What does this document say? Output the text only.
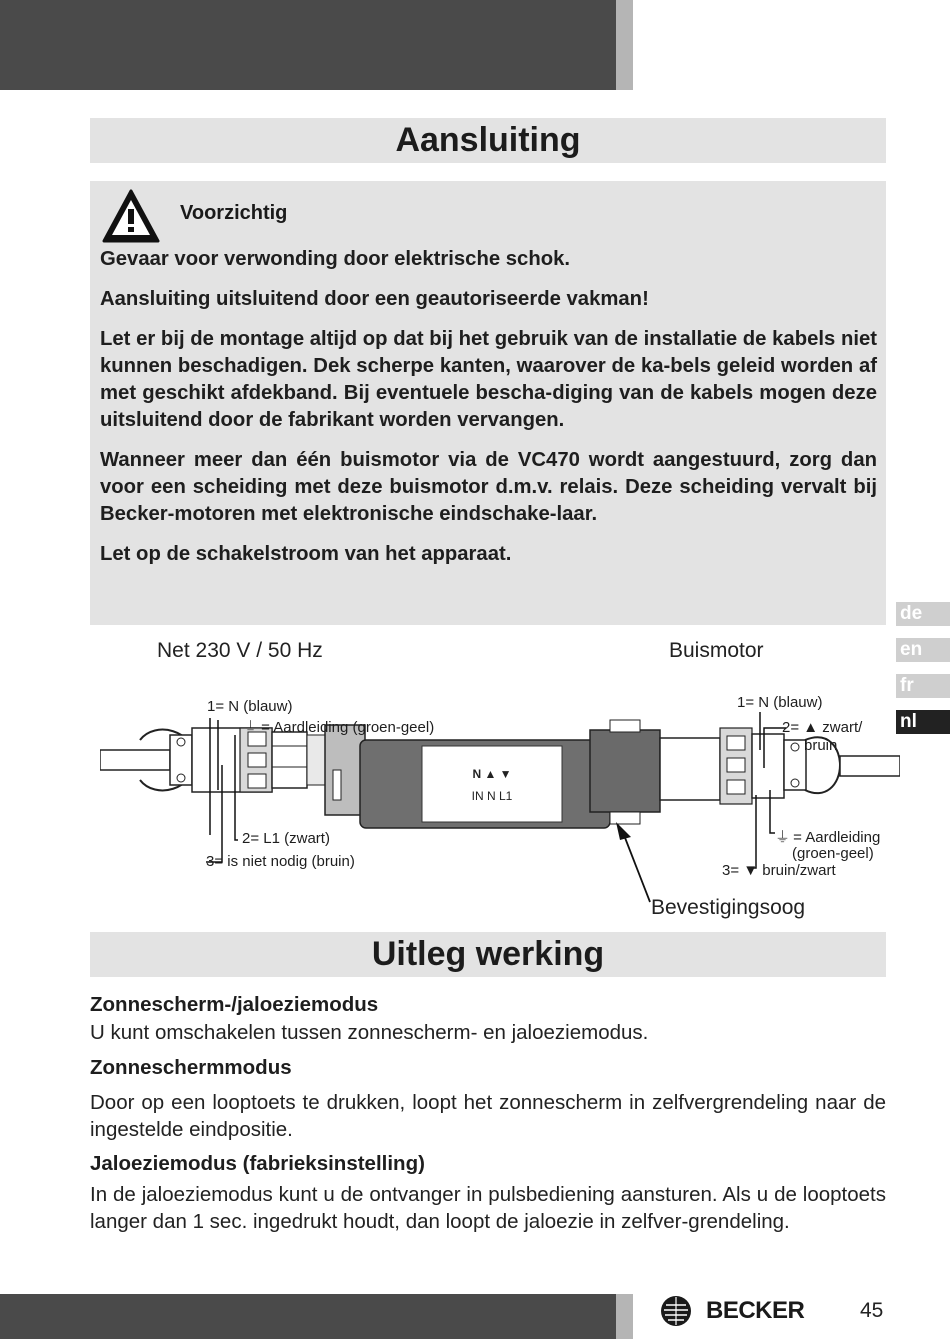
Aansluiting
Voorzichtig

Gevaar voor verwonding door elektrische schok.

Aansluiting uitsluitend door een geautoriseerde vakman!

Let er bij de montage altijd op dat bij het gebruik van de installatie de kabels niet kunnen beschadigen. Dek scherpe kanten, waarover de ka-bels geleid worden af met geschikt afdekband. Bij eventuele bescha-diging van de kabels mogen deze uitsluitend door de fabrikant worden vervangen.

Wanneer meer dan één buismotor via de VC470 wordt aangestuurd, zorg dan voor een scheiding met deze buismotor d.m.v. relais. Deze scheiding vervalt bij Becker-motoren met elektronische eindschake-laar.

Let op de schakelstroom van het apparaat.

de
en
fr
nl
Net 230 V / 50 Hz	Buismotor
N ▲ ▼
IN N L1
1= N (blauw)
⏚ = Aardleiding (groen-geel)
2= L1 (zwart)
3= is niet nodig (bruin)
1= N (blauw)
2= ▲ zwart/
bruin
⏚ = Aardleiding
(groen-geel)
3= ▼ bruin/zwart
Bevestigingsoog
Uitleg werking
Zonnescherm-/jaloeziemodus

U kunt omschakelen tussen zonnescherm- en jaloeziemodus.

Zonneschermmodus

Door op een looptoets te drukken, loopt het zonnescherm in zelfvergrendeling naar de ingestelde eindpositie.

Jaloeziemodus (fabrieksinstelling)

In de jaloeziemodus kunt u de ontvanger in pulsbediening aansturen. Als u de looptoets langer dan 1 sec. ingedrukt houdt, dan loopt de jaloezie in zelfver-grendeling.

BECKER	45
